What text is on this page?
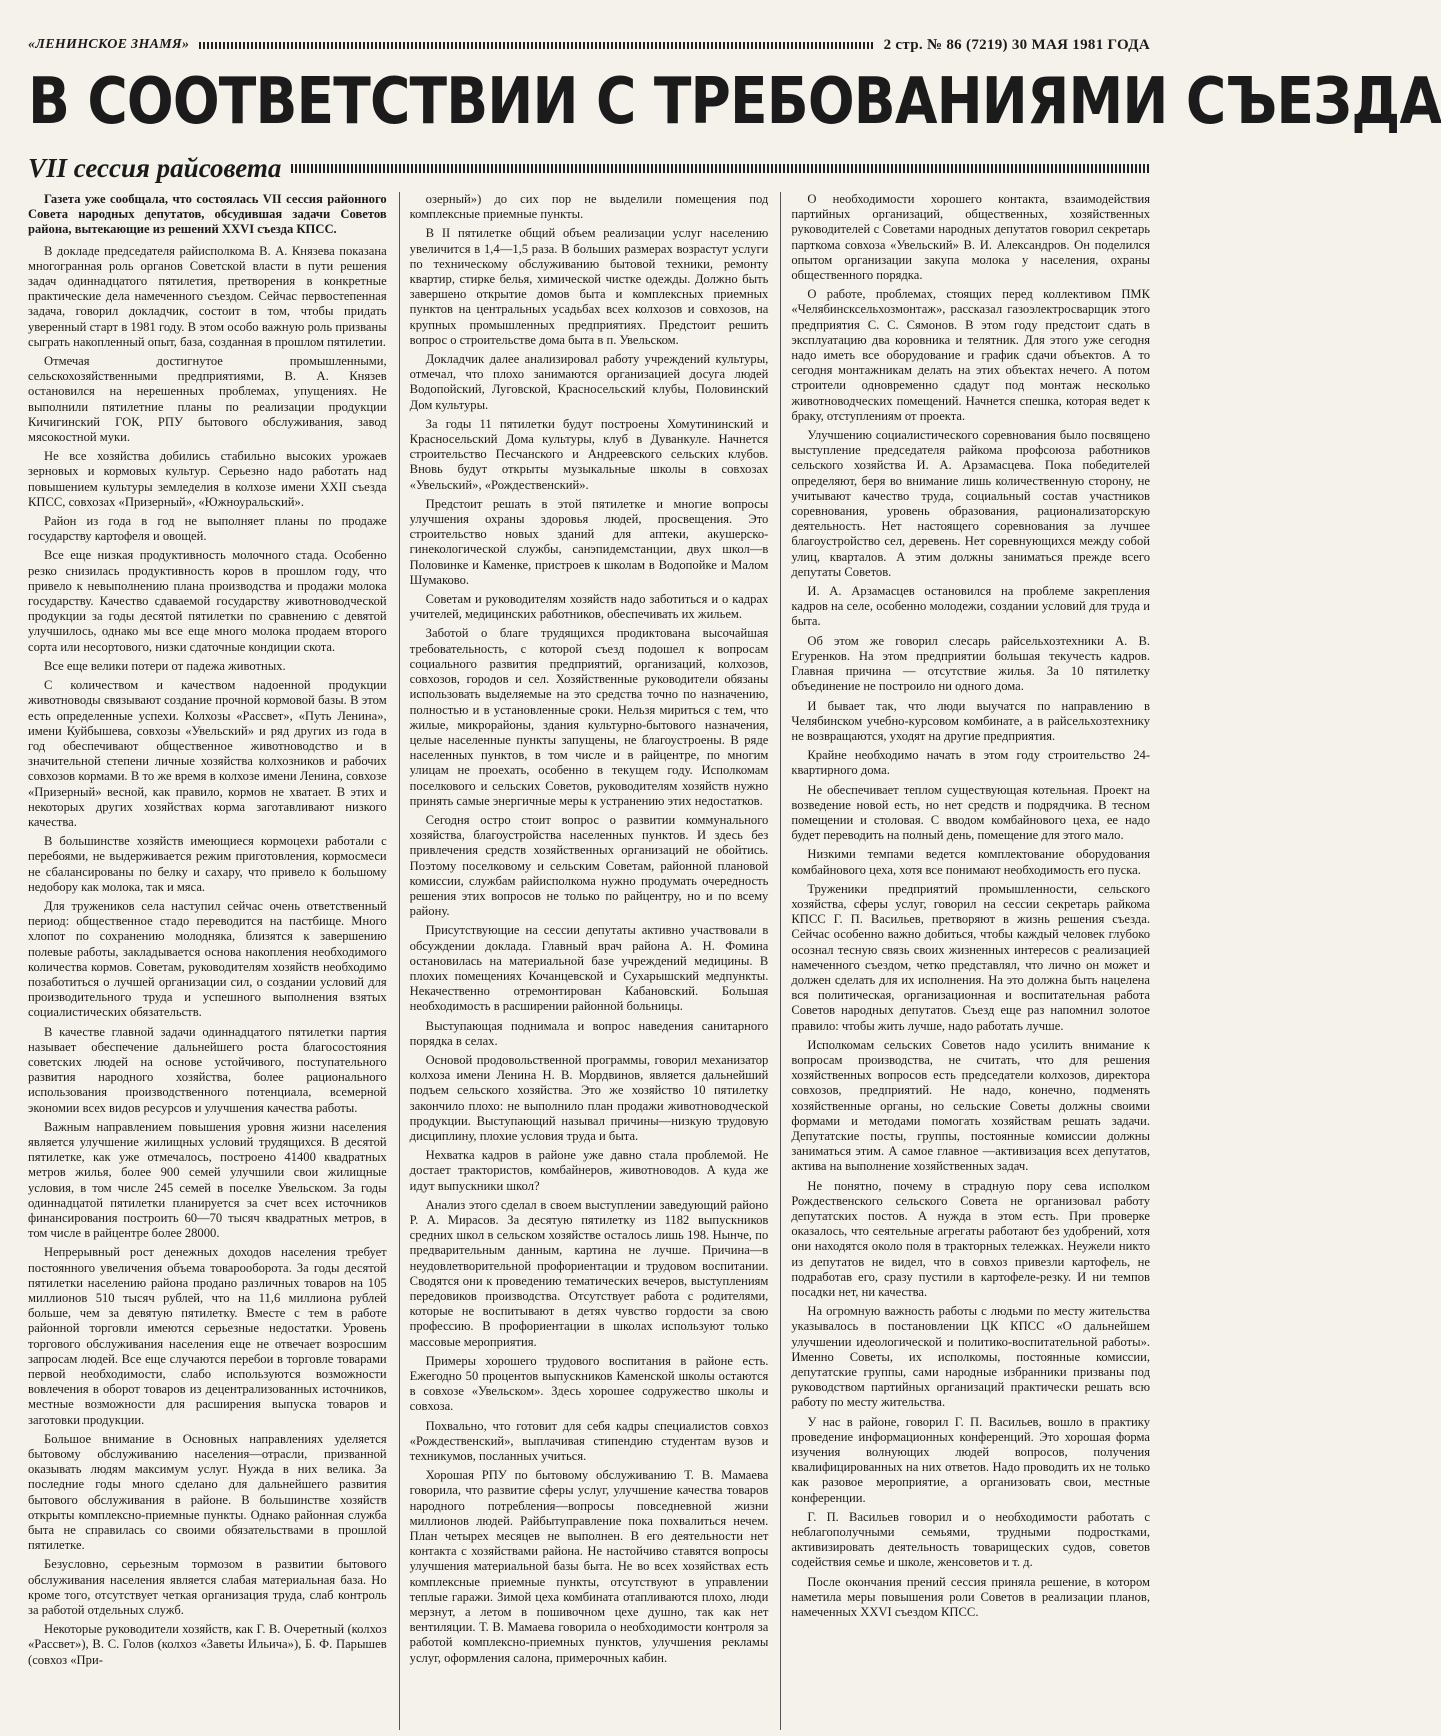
«ЛЕНИНСКОЕ ЗНАМЯ»	2 стр. № 86 (7219) 30 МАЯ 1981 ГОДА
В СООТВЕТСТВИИ С ТРЕБОВАНИЯМИ СЪЕЗДА
VII сессия райсовета

Газета уже сообщала, что состоялась VII сессия районного Совета народных депутатов, обсудившая задачи Советов района, вытекающие из решений XXVI съезда КПСС.

В докладе председателя райисполкома В. А. Князева показана многогранная роль органов Советской власти в пути решения задач одиннадцатого пятилетия, претворения в конкретные практические дела намеченного съездом. Сейчас первостепенная задача, говорил докладчик, состоит в том, чтобы придать уверенный старт в 1981 году. В этом особо важную роль призваны сыграть накопленный опыт, база, созданная в прошлом пятилетии.

Отмечая достигнутое промышленными, сельскохозяйственными предприятиями, В. А. Князев остановился на нерешенных проблемах, упущениях. Не выполнили пятилетние планы по реализации продукции Кичигинский ГОК, РПУ бытового обслуживания, завод мясокостной муки.

Не все хозяйства добились стабильно высоких урожаев зерновых и кормовых культур. Серьезно надо работать над повышением культуры земледелия в колхозе имени XXII съезда КПСС, совхозах «Призерный», «Южноуральский».

Район из года в год не выполняет планы по продаже государству картофеля и овощей.

Все еще низкая продуктивность молочного стада. Особенно резко снизилась продуктивность коров в прошлом году, что привело к невыполнению плана производства и продажи молока государству. Качество сдаваемой государству животноводческой продукции за годы десятой пятилетки по сравнению с девятой улучшилось, однако мы все еще много молока продаем второго сорта или несортового, низки сдаточные кондиции скота.

Все еще велики потери от падежа животных.

С количеством и качеством надоенной продукции животноводы связывают создание прочной кормовой базы. В этом есть определенные успехи. Колхозы «Рассвет», «Путь Ленина», имени Куйбышева, совхозы «Увельский» и ряд других из года в год обеспечивают общественное животноводство и в значительной степени личные хозяйства колхозников и рабочих совхозов кормами. В то же время в колхозе имени Ленина, совхозе «Призерный» весной, как правило, кормов не хватает. В этих и некоторых других хозяйствах корма заготавливают низкого качества.

В большинстве хозяйств имеющиеся кормоцехи работали с перебоями, не выдерживается режим приготовления, кормосмеси не сбалансированы по белку и сахару, что привело к большому недобору как молока, так и мяса.

Для тружеников села наступил сейчас очень ответственный период: общественное стадо переводится на пастбище. Много хлопот по сохранению молодняка, близятся к завершению полевые работы, закладывается основа накопления необходимого количества кормов. Советам, руководителям хозяйств необходимо позаботиться о лучшей организации сил, о создании условий для производительного труда и успешного выполнения взятых социалистических обязательств.

В качестве главной задачи одиннадцатого пятилетки партия называет обеспечение дальнейшего роста благосостояния советских людей на основе устойчивого, поступательного развития народного хозяйства, более рационального использования производственного потенциала, всемерной экономии всех видов ресурсов и улучшения качества работы.

Важным направлением повышения уровня жизни населения является улучшение жилищных условий трудящихся. В десятой пятилетке, как уже отмечалось, построено 41400 квадратных метров жилья, более 900 семей улучшили свои жилищные условия, в том числе 245 семей в поселке Увельском. За годы одиннадцатой пятилетки планируется за счет всех источников финансирования построить 60—70 тысяч квадратных метров, в том числе в райцентре более 28000.

Непрерывный рост денежных доходов населения требует постоянного увеличения объема товарооборота. За годы десятой пятилетки населению района продано различных товаров на 105 миллионов 510 тысяч рублей, что на 11,6 миллиона рублей больше, чем за девятую пятилетку. Вместе с тем в работе районной торговли имеются серьезные недостатки. Уровень торгового обслуживания населения еще не отвечает возросшим запросам людей. Все еще случаются перебои в торговле товарами первой необходимости, слабо используются возможности вовлечения в оборот товаров из децентрализованных источников, местные возможности для расширения выпуска товаров и заготовки продукции.

Большое внимание в Основных направлениях уделяется бытовому обслуживанию населения—отрасли, призванной оказывать людям максимум услуг. Нужда в них велика. За последние годы много сделано для дальнейшего развития бытового обслуживания в районе. В большинстве хозяйств открыты комплексно-приемные пункты. Однако районная служба быта не справилась со своими обязательствами в прошлой пятилетке.

Безусловно, серьезным тормозом в развитии бытового обслуживания населения является слабая материальная база. Но кроме того, отсутствует четкая организация труда, слаб контроль за работой отдельных служб.

Некоторые руководители хозяйств, как Г. В. Очеретный (колхоз «Рассвет»), В. С. Голов (колхоз «Заветы Ильича»), Б. Ф. Парышев (совхоз «При-

озерный») до сих пор не выделили помещения под комплексные приемные пункты.

В II пятилетке общий объем реализации услуг населению увеличится в 1,4—1,5 раза. В больших размерах возрастут услуги по техническому обслуживанию бытовой техники, ремонту квартир, стирке белья, химической чистке одежды. Должно быть завершено открытие домов быта и комплексных приемных пунктов на центральных усадьбах всех колхозов и совхозов, на крупных промышленных предприятиях. Предстоит решить вопрос о строительстве дома быта в п. Увельском.

Докладчик далее анализировал работу учреждений культуры, отмечал, что плохо занимаются организацией досуга людей Водопойский, Луговской, Красносельский клубы, Половинский Дом культуры.

За годы 11 пятилетки будут построены Хомутининский и Красносельский Дома культуры, клуб в Дуванкуле. Начнется строительство Песчанского и Андреевского сельских клубов. Вновь будут открыты музыкальные школы в совхозах «Увельский», «Рождественский».

Предстоит решать в этой пятилетке и многие вопросы улучшения охраны здоровья людей, просвещения. Это строительство новых зданий для аптеки, акушерско-гинекологической службы, санэпидемстанции, двух школ—в Половинке и Каменке, пристроев к школам в Водопойке и Малом Шумаково.

Советам и руководителям хозяйств надо заботиться и о кадрах учителей, медицинских работников, обеспечивать их жильем.

Заботой о благе трудящихся продиктована высочайшая требовательность, с которой съезд подошел к вопросам социального развития предприятий, организаций, колхозов, совхозов, городов и сел. Хозяйственные руководители обязаны использовать выделяемые на это средства точно по назначению, полностью и в установленные сроки. Нельзя мириться с тем, что жилые, микрорайоны, здания культурно-бытового назначения, целые населенные пункты запущены, не благоустроены. В ряде населенных пунктов, в том числе и в райцентре, по многим улицам не проехать, особенно в текущем году. Исполкомам поселкового и сельских Советов, руководителям хозяйств нужно принять самые энергичные меры к устранению этих недостатков.

Сегодня остро стоит вопрос о развитии коммунального хозяйства, благоустройства населенных пунктов. И здесь без привлечения средств хозяйственных организаций не обойтись. Поэтому поселковому и сельским Советам, районной плановой комиссии, службам райисполкома нужно продумать очередность решения этих вопросов не только по райцентру, но и по всему району.

Присутствующие на сессии депутаты активно участвовали в обсуждении доклада. Главный врач района А. Н. Фомина остановилась на материальной базе учреждений медицины. В плохих помещениях Кочанцевской и Сухарышский медпункты. Некачественно отремонтирован Кабановский. Большая необходимость в расширении районной больницы.

Выступающая поднимала и вопрос наведения санитарного порядка в селах.

Основой продовольственной программы, говорил механизатор колхоза имени Ленина Н. В. Мордвинов, является дальнейший подъем сельского хозяйства. Это же хозяйство 10 пятилетку закончило плохо: не выполнило план продажи животноводческой продукции. Выступающий называл причины—низкую трудовую дисциплину, плохие условия труда и быта.

Нехватка кадров в районе уже давно стала проблемой. Не достает трактористов, комбайнеров, животноводов. А куда же идут выпускники школ?

Анализ этого сделал в своем выступлении заведующий районо Р. А. Мирасов. За десятую пятилетку из 1182 выпускников средних школ в сельском хозяйстве осталось лишь 198. Нынче, по предварительным данным, картина не лучше. Причина—в неудовлетворительной профориентации и трудовом воспитании. Сводятся они к проведению тематических вечеров, выступлениям передовиков производства. Отсутствует работа с родителями, которые не воспитывают в детях чувство гордости за свою профессию. В профориентации в школах используют только массовые мероприятия.

Примеры хорошего трудового воспитания в районе есть. Ежегодно 50 процентов выпускников Каменской школы остаются в совхозе «Увельском». Здесь хорошее содружество школы и совхоза.

Похвально, что готовит для себя кадры специалистов совхоз «Рождественский», выплачивая стипендию студентам вузов и техникумов, посланных учиться.

Хорошая РПУ по бытовому обслуживанию Т. В. Мамаева говорила, что развитие сферы услуг, улучшение качества товаров народного потребления—вопросы повседневной жизни миллионов людей. Райбытуправление пока похвалиться нечем. План четырех месяцев не выполнен. В его деятельности нет контакта с хозяйствами района. Не настойчиво ставятся вопросы улучшения материальной базы быта. Не во всех хозяйствах есть комплексные приемные пункты, отсутствуют в управлении теплые гаражи. Зимой цеха комбината отапливаются плохо, люди мерзнут, а летом в пошивочном цехе душно, так как нет вентиляции. Т. В. Мамаева говорила о необходимости контроля за работой комплексно-приемных пунктов, улучшения рекламы услуг, оформления салона, примерочных кабин.

О необходимости хорошего контакта, взаимодействия партийных организаций, общественных, хозяйственных руководителей с Советами народных депутатов говорил секретарь парткома совхоза «Увельский» В. И. Александров. Он поделился опытом организации закупа молока у населения, охраны общественного порядка.

О работе, проблемах, стоящих перед коллективом ПМК «Челябинсксельхозмонтаж», рассказал газоэлектросварщик этого предприятия С. С. Сямонов. В этом году предстоит сдать в эксплуатацию два коровника и телятник. Для этого уже сегодня надо иметь все оборудование и график сдачи объектов. А то сегодня монтажникам делать на этих объектах нечего. А потом строители одновременно сдадут под монтаж несколько животноводческих помещений. Начнется спешка, которая ведет к браку, отступлениям от проекта.

Улучшению социалистического соревнования было посвящено выступление председателя райкома профсоюза работников сельского хозяйства И. А. Арзамасцева. Пока победителей определяют, беря во внимание лишь количественную сторону, не учитывают качество труда, социальный состав участников соревнования, уровень образования, рационализаторскую деятельность. Нет настоящего соревнования за лучшее благоустройство сел, деревень. Нет соревнующихся между собой улиц, кварталов. А этим должны заниматься прежде всего депутаты Советов.

И. А. Арзамасцев остановился на проблеме закрепления кадров на селе, особенно молодежи, создании условий для труда и быта.

Об этом же говорил слесарь райсельхозтехники А. В. Егуренков. На этом предприятии большая текучесть кадров. Главная причина — отсутствие жилья. За 10 пятилетку объединение не построило ни одного дома.

И бывает так, что люди выучатся по направлению в Челябинском учебно-курсовом комбинате, а в райсельхозтехнику не возвращаются, уходят на другие предприятия.

Крайне необходимо начать в этом году строительство 24-квартирного дома.

Не обеспечивает теплом существующая котельная. Проект на возведение новой есть, но нет средств и подрядчика. В тесном помещении и столовая. С вводом комбайнового цеха, ее надо будет переводить на полный день, помещение для этого мало.

Низкими темпами ведется комплектование оборудования комбайнового цеха, хотя все понимают необходимость его пуска.

Труженики предприятий промышленности, сельского хозяйства, сферы услуг, говорил на сессии секретарь райкома КПСС Г. П. Васильев, претворяют в жизнь решения съезда. Сейчас особенно важно добиться, чтобы каждый человек глубоко осознал тесную связь своих жизненных интересов с реализацией намеченного съездом, четко представлял, что лично он может и должен сделать для их исполнения. На это должна быть нацелена вся политическая, организационная и воспитательная работа Советов народных депутатов. Съезд еще раз напомнил золотое правило: чтобы жить лучше, надо работать лучше.

Исполкомам сельских Советов надо усилить внимание к вопросам производства, не считать, что для решения хозяйственных вопросов есть председатели колхозов, директора совхозов, предприятий. Не надо, конечно, подменять хозяйственные органы, но сельские Советы должны своими формами и методами помогать хозяйствам решать задачи. Депутатские посты, группы, постоянные комиссии должны заниматься этим. А самое главное —активизация всех депутатов, актива на выполнение хозяйственных задач.

Не понятно, почему в страдную пору сева исполком Рождественского сельского Совета не организовал работу депутатских постов. А нужда в этом есть. При проверке оказалось, что сеятельные агрегаты работают без удобрений, хотя они находятся около поля в тракторных тележках. Неужели никто из депутатов не видел, что в совхоз привезли картофель, не подработав его, сразу пустили в картофеле-резку. И ни темпов посадки нет, ни качества.

На огромную важность работы с людьми по месту жительства указывалось в постановлении ЦК КПСС «О дальнейшем улучшении идеологической и политико-воспитательной работы». Именно Советы, их исполкомы, постоянные комиссии, депутатские группы, сами народные избранники призваны под руководством партийных организаций практически решать всю работу по месту жительства.

У нас в районе, говорил Г. П. Васильев, вошло в практику проведение информационных конференций. Это хорошая форма изучения волнующих людей вопросов, получения квалифицированных на них ответов. Надо проводить их не только как разовое мероприятие, а организовать свои, местные конференции.

Г. П. Васильев говорил и о необходимости работать с неблагополучными семьями, трудными подростками, активизировать деятельность товарищеских судов, советов содействия семье и школе, женсоветов и т. д.

После окончания прений сессия приняла решение, в котором наметила меры повышения роли Советов в реализации планов, намеченных XXVI съездом КПСС.
